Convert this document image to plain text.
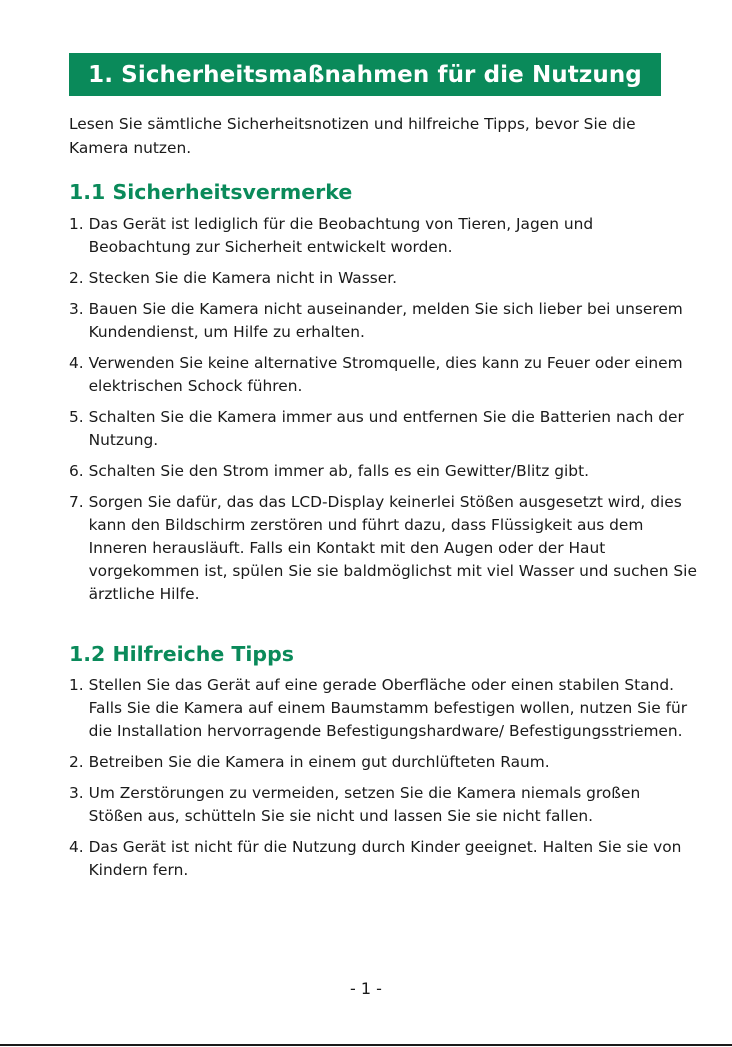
1. Sicherheitsmaßnahmen für die Nutzung

Lesen Sie sämtliche Sicherheitsnotizen und hilfreiche Tipps, bevor Sie die Kamera nutzen.

1.1 Sicherheitsvermerke
1. Das Gerät ist lediglich für die Beobachtung von Tieren, Jagen und Beobachtung zur Sicherheit entwickelt worden.
2. Stecken Sie die Kamera nicht in Wasser.
3. Bauen Sie die Kamera nicht auseinander, melden Sie sich lieber bei unserem Kundendienst, um Hilfe zu erhalten.
4. Verwenden Sie keine alternative Stromquelle, dies kann zu Feuer oder einem elektrischen Schock führen.
5. Schalten Sie die Kamera immer aus und entfernen Sie die Batterien nach der Nutzung.
6. Schalten Sie den Strom immer ab, falls es ein Gewitter/Blitz gibt.
7. Sorgen Sie dafür, das das LCD-Display keinerlei Stößen ausgesetzt wird, dies kann den Bildschirm zerstören und führt dazu, dass Flüssigkeit aus dem Inneren herausläuft. Falls ein Kontakt mit den Augen oder der Haut vorgekommen ist, spülen Sie sie baldmöglichst mit viel Wasser und suchen Sie ärztliche Hilfe.
1.2 Hilfreiche Tipps
1. Stellen Sie das Gerät auf eine gerade Oberfläche oder einen stabilen Stand. Falls Sie die Kamera auf einem Baumstamm befestigen wollen, nutzen Sie für die Installation hervorragende Befestigungshardware/ Befestigungsstriemen.
2. Betreiben Sie die Kamera in einem gut durchlüfteten Raum.
3. Um Zerstörungen zu vermeiden, setzen Sie die Kamera niemals großen Stößen aus, schütteln Sie sie nicht und lassen Sie sie nicht fallen.
4. Das Gerät ist nicht für die Nutzung durch Kinder geeignet. Halten Sie sie von Kindern fern.
- 1 -
